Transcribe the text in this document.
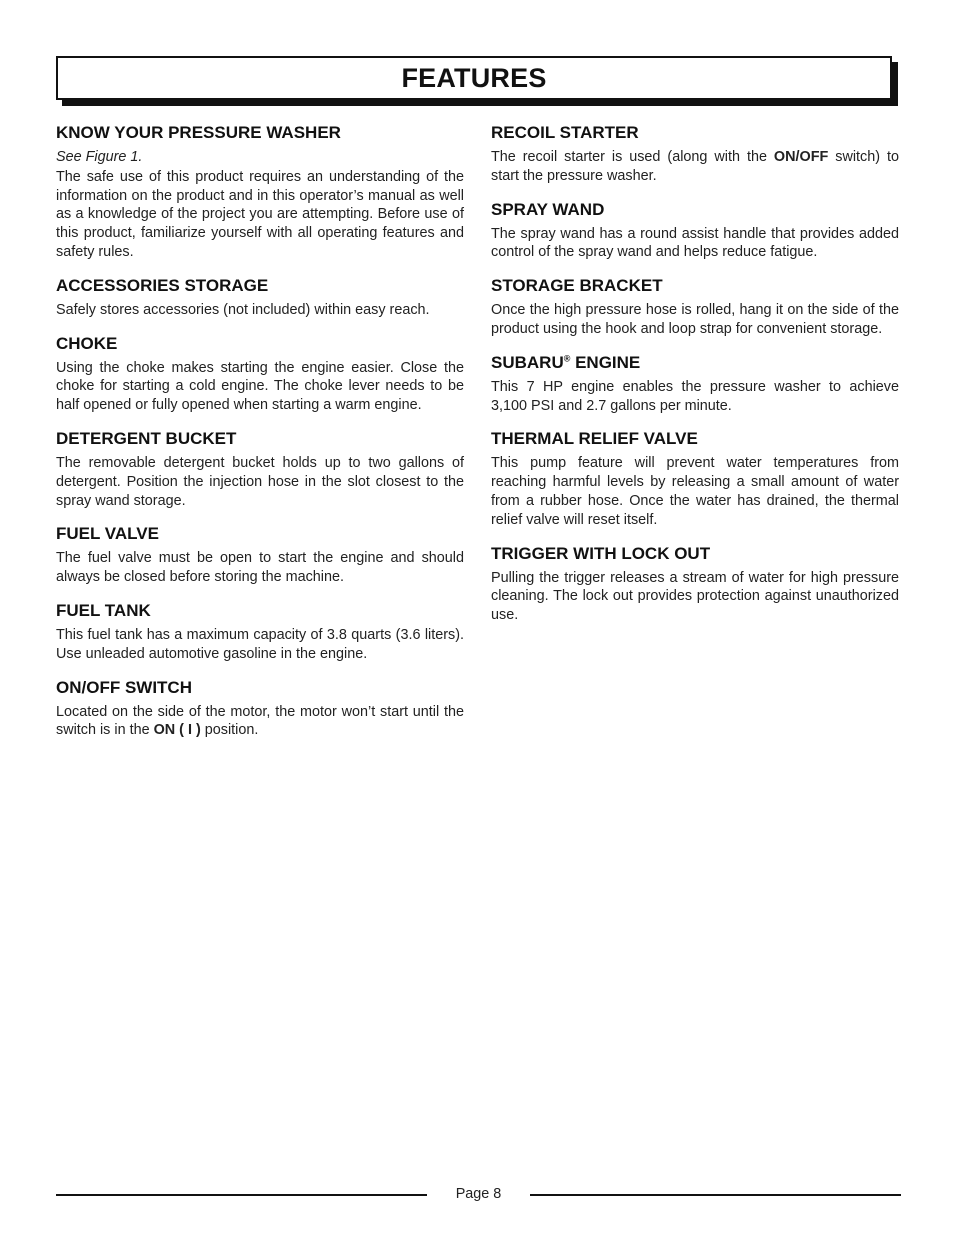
FEATURES
KNOW YOUR PRESSURE WASHER

See Figure 1.

The safe use of this product requires an understanding of the information on the product and in this operator’s manual as well as a knowledge of the project you are attempting. Before use of this product, familiarize yourself with all operating features and safety rules.

ACCESSORIES STORAGE

Safely stores accessories (not included) within easy reach.

CHOKE

Using the choke makes starting the engine easier. Close the choke for starting a cold engine. The choke lever needs to be half opened or fully opened when starting a warm engine.

DETERGENT BUCKET

The removable detergent bucket holds up to two gallons of detergent. Position the injection hose in the slot closest to the spray wand storage.

FUEL VALVE

The fuel valve must be open to start the engine and should always be closed before storing the machine.

FUEL TANK

This fuel tank has a maximum capacity of 3.8 quarts (3.6 liters). Use unleaded automotive gasoline in the engine.

ON/OFF SWITCH

Located on the side of the motor, the motor won’t start until the switch is in the ON ( I ) position.

RECOIL STARTER

The recoil starter is used (along with the ON/OFF switch) to start the pressure washer.

SPRAY WAND

The spray wand has a round assist handle that provides added control of the spray wand and helps reduce fatigue.

STORAGE BRACKET

Once the high pressure hose is rolled, hang it on the side of the product using the hook and loop strap for convenient storage.

SUBARU® ENGINE

This 7 HP engine enables the pressure washer to achieve 3,100 PSI and 2.7 gallons per minute.

THERMAL RELIEF VALVE

This pump feature will prevent water temperatures from reaching harmful levels by releasing a small amount of water from a rubber hose. Once the water has drained, the thermal relief valve will reset itself.

TRIGGER WITH LOCK OUT

Pulling the trigger releases a stream of water for high pressure cleaning. The lock out provides protection against unauthorized use.

Page 8
